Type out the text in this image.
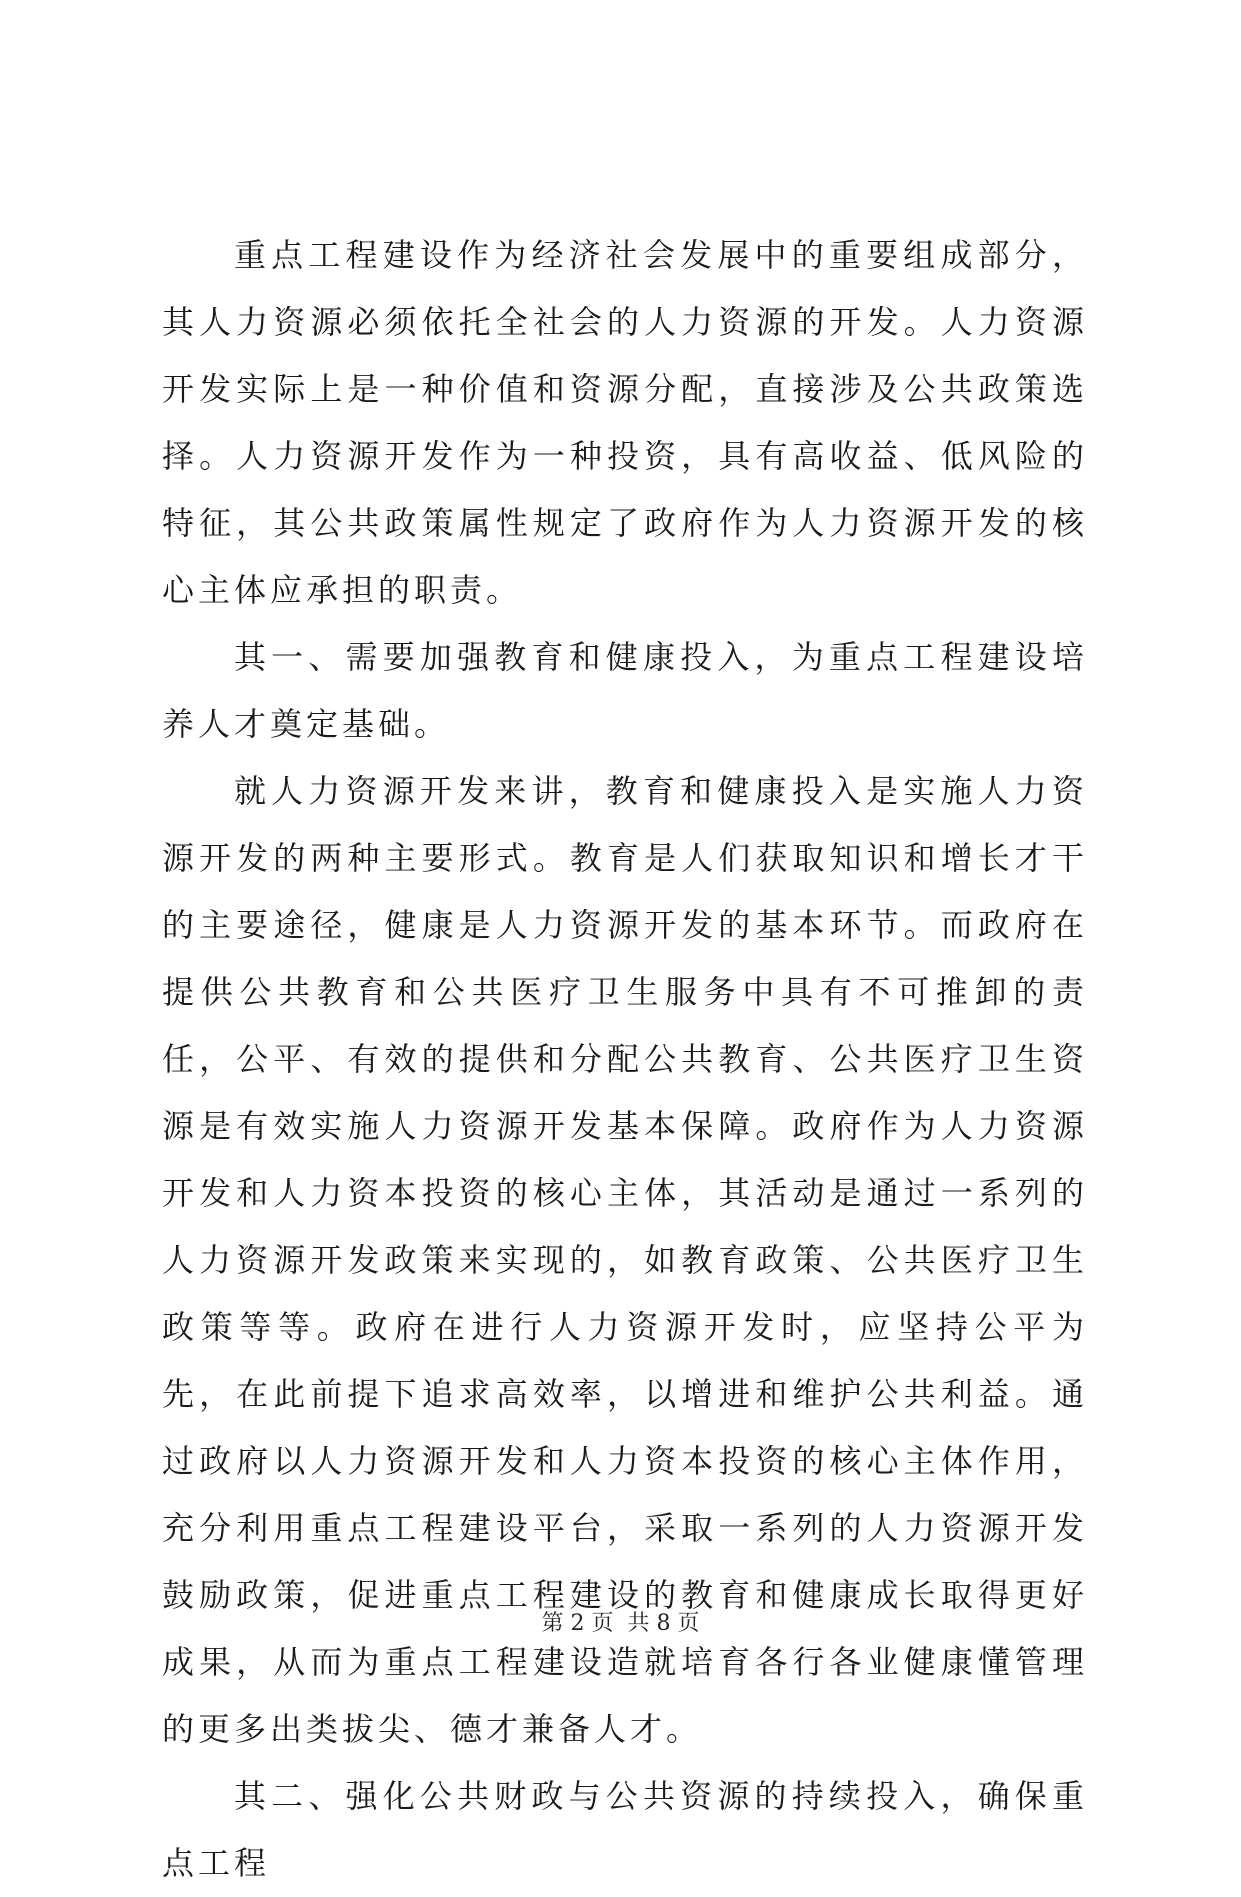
重点工程建设作为经济社会发展中的重要组成部分，其人力资源必须依托全社会的人力资源的开发。人力资源开发实际上是一种价值和资源分配，直接涉及公共政策选择。人力资源开发作为一种投资，具有高收益、低风险的特征，其公共政策属性规定了政府作为人力资源开发的核心主体应承担的职责。

其一、需要加强教育和健康投入，为重点工程建设培养人才奠定基础。

就人力资源开发来讲，教育和健康投入是实施人力资源开发的两种主要形式。教育是人们获取知识和增长才干的主要途径，健康是人力资源开发的基本环节。而政府在提供公共教育和公共医疗卫生服务中具有不可推卸的责任，公平、有效的提供和分配公共教育、公共医疗卫生资源是有效实施人力资源开发基本保障。政府作为人力资源开发和人力资本投资的核心主体，其活动是通过一系列的人力资源开发政策来实现的，如教育政策、公共医疗卫生政策等等。政府在进行人力资源开发时，应坚持公平为先，在此前提下追求高效率，以增进和维护公共利益。通过政府以人力资源开发和人力资本投资的核心主体作用，充分利用重点工程建设平台，采取一系列的人力资源开发鼓励政策，促进重点工程建设的教育和健康成长取得更好成果，从而为重点工程建设造就培育各行各业健康懂管理的更多出类拔尖、德才兼备人才。

其二、强化公共财政与公共资源的持续投入，确保重点工程

第 2 页  共 8 页
